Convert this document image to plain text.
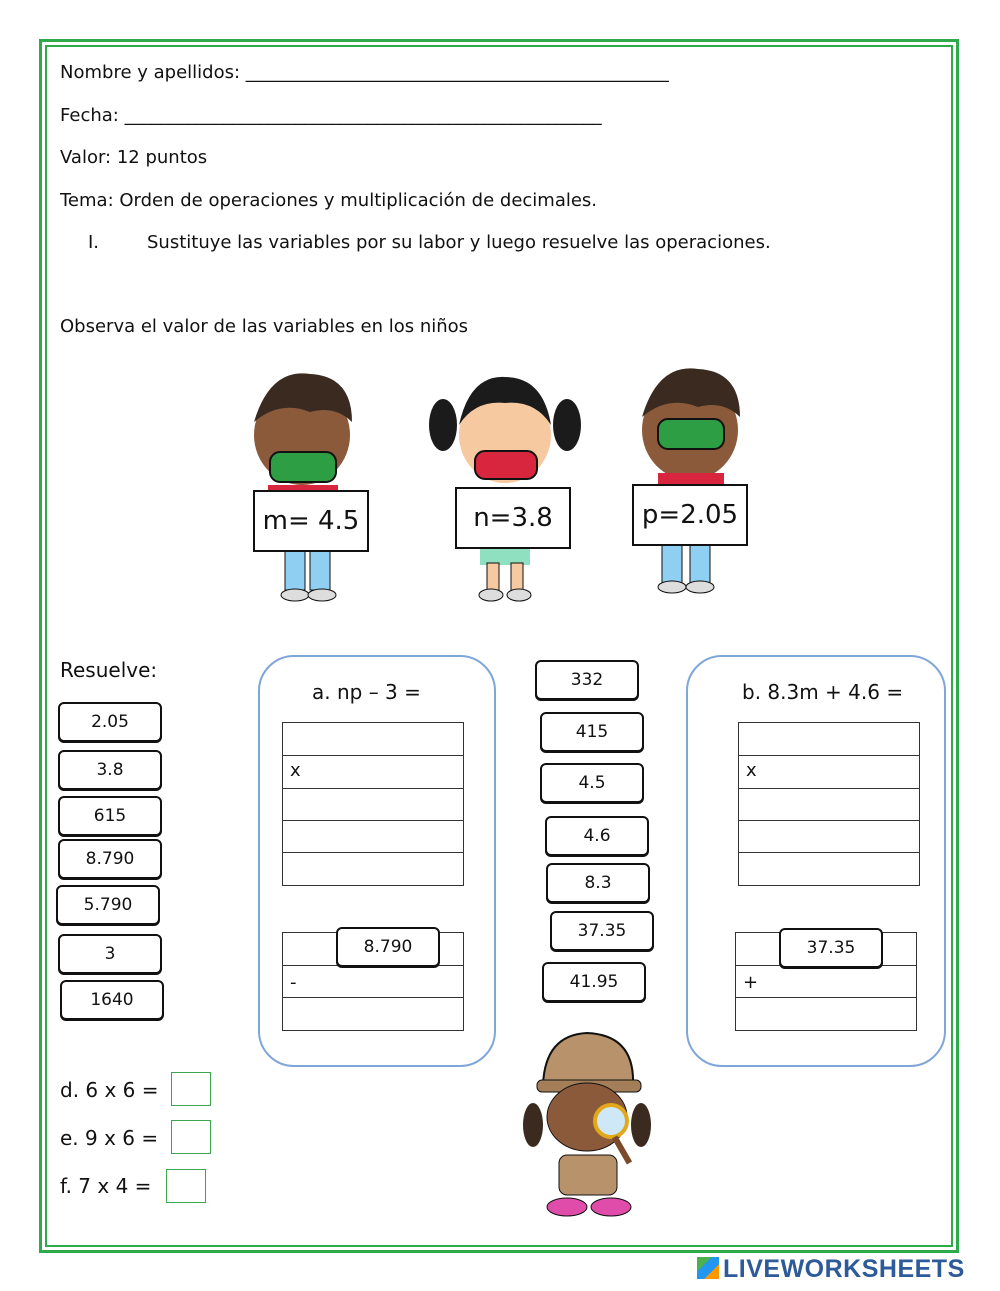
Nombre y apellidos: _______________________________________________
Fecha: _____________________________________________________
Valor: 12 puntos
Tema: Orden de operaciones y multiplicación de decimales.
I.	Sustituye las variables por su labor y luego resuelve las operaciones.
Observa el valor de las variables en los niños
m= 4.5	n=3.8	p=2.05
Resuelve:
2.05
3.8
615
8.790
5.790
3
1640
a. np – 3 =
x
-
8.790
332
415
4.5
4.6
8.3
37.35
41.95
b. 8.3m + 4.6 =
x
+
37.35
d. 6 x 6 =
e. 9 x 6 =
f. 7 x 4 =
LIVEWORKSHEETS
